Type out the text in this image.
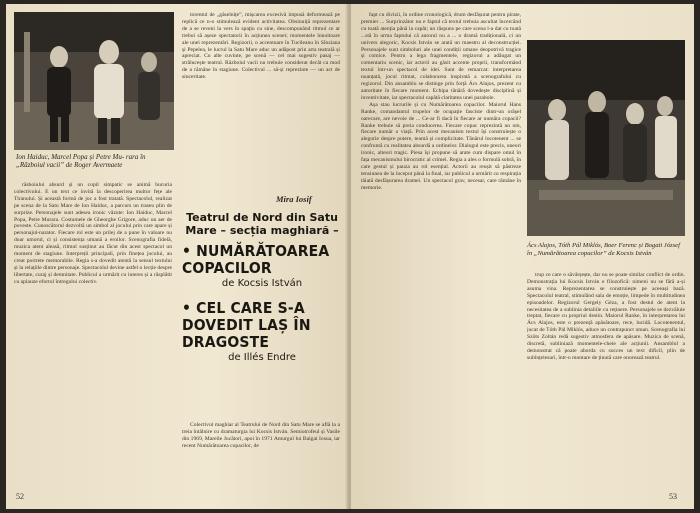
Ion Haiduc, Marcel Popa și Petre Mu- rara în „Războiul vacii” de Roger Avermaete

torentul de „găselnițe”, mișcarea excesivă impusă deformează pe replică ce n-o stimulează evident activitatea. Obsinuiță reprezentare de a se reveni la vers în spaţiu cu sine, descompunând ritmul ce ar trebui să așeze spectatorii în acțiunea scenei; momentele înnoitoare ale unei reprezentări. Regizorii, o accentuare în Tucileanu în Sînziana și Pepelea, le lucrul la Satu Mare aduc un adăpost prin arta teatrală și apreciat. Cu alte cuvinte, pe scenă — cel mai sugestiv pasaj — strălucește teatrul. Războiul vacii nu trebuie considerat decât ca mod de a rămâne în stagiune. Colectivul ... să-și reprezinte — un act de sinceritate.

Mira Iosif

răsboiului absurd și un copil simpatic se animă bucuria colectivului. E un text ce invită la descoperirea multor fețe ale Tiranului. Și această formă de joc a fost tratată. Spectacolul, realizat pe scena de la Satu Mare de Ion Haiduc, a parcurs un traseu plin de surprize. Personajele sunt adesea ironic văzute: Ion Haiduc, Marcel Popa, Petre Murara. Costumele de Gheorghe Grigore, aduc un aer de poveste. Cunoscătorul dezvoltă un simbol al jocului prin care apare și personajul-narator. Fiecare rol este un prilej de a pune în valoare nu doar umorul, ci și consistența umană a eroilor. Scenografia fidelă, muzica atent aleasă, ritmul susținut au făcut din acest spectacol un moment de stagiune. Interpreții principali, prin finețea jocului, au creat portrete memorabile. Regia s-a dovedit atentă la sensul textului și la relațiile dintre personaje. Spectacolul devine astfel o lecție despre libertate, curaj și demnitate. Publicul a urmărit cu interes și a răsplătit cu aplauze efortul întregului colectiv.

Teatrul de Nord din Satu Mare – secția maghiară –
• NUMĂRĂTOAREA COPACILOR
de Kocsis István
• CEL CARE S-A DOVEDIT LAȘ ÎN DRAGOSTE
de Illés Endre

Colectivul maghiar al Teatrului de Nord din Satu Mare se află la a treia întâlnire cu dramaturgia lui Kocsis István. Semiotrofeul și Vasile din 1969, Mareile Jucători, apoi în 1971 Amurgul lui Balgai Iosua, iar recent Numărătoarea copacilor, de

52

fapt cu divizii, în ordine cronologică, drum desfășurat pentru pirate, premier ... Surprinzător nu e faptul că textul trebuia ascultat încercând cu toată atenția până la capăt; un răspuns pe care scena l-a dat cu toată ...stă în urma faptului că autorul nu a ... o dramă tradițională, ci un univers alegoric, Kocsis István se arată un maestru al deconstrucției. Personajele sunt simboluri ale unei condiții umane deopotrivă tragice și comice. Pentru a lega fragmentele, regizorul a adăugat un comentariu scenic, iar actorii au găsit accente proprii, transformând textul într-un spectacol de idei. Sunt de remarcat: interpretarea nuanțată, jocul ritmat, colaborarea inspirată a scenografului cu regizorul. Din ansamblu se distinge prin forță Ács Alajos, prezent cu autoritate în fiecare moment. Echipa tânără dovedește disciplină și inventivitate, iar spectacolul capătă claritatea unei parabole.

Așa stau lucrurile și cu Numărătoarea copacilor. Maiorul Hans Ranke, comandantul trupelor de ocupație fasciste dintr-un orășel oarecare, are nevoie de ... Ce-ar fi dacă în fiecare ar număra copacii? Ranke trebuie să preia conducerea. Fiecare copac reprezintă un om, fiecare număr o viață. Prin acest mecanism textul își construiește o alegorie despre putere, teamă și complicitate. Tânărul locotenent ... se confruntă cu realitatea absurdă a ordinelor. Dialogul este precis, uneori ironic, alteori tragic. Piesa își propune să arate cum dispare omul în fața mecanismului birocratic al crimei. Regia a ales o formulă sobră, în care gestul și pauza au rol esențial. Actorii au reușit să păstreze tensiunea de la început până la final, iar publicul a urmărit cu respirația tăiată desfășurarea dramei. Un spectacol grav, necesar, care rămâne în memorie.

Ács Alajos, Tóth Pál Miklós, Boer Ferenc și Bogati József în „Numărătoarea copacilor” de Kocsis István

trup ce care o săvârșește, dar nu se poate similar conflict de ordin. Demonstrația lui Kocsis István e filozofică: nimeni nu se fără a-și asuma vina. Reprezentarea se construiește pe aceeași bază. Spectacolul teatral, stimulând sala de emoție, limpede în multitudinea episoadelor. Regizorul Gergely Géza, a fost destul de atent la necesitatea de a sublinia detaliile cu reținere. Personajele se dezvăluie treptat, fiecare cu propriul destin. Maiorul Ranke, în interpretarea lui Ács Alajos, este o prezență apăsătoare, rece, lucidă. Locotenentul, jucat de Tóth Pál Miklós, aduce un contrapunct uman. Scenografia lui Szőts Zoltán redă sugestiv atmosfera de apăsare. Muzica de scenă, discretă, subliniază momentele-cheie ale acțiunii. Ansamblul a demonstrat că poate aborda cu succes un text dificil, plin de subînțelesuri, într-o montare de ținută care onorează teatrul.

53
